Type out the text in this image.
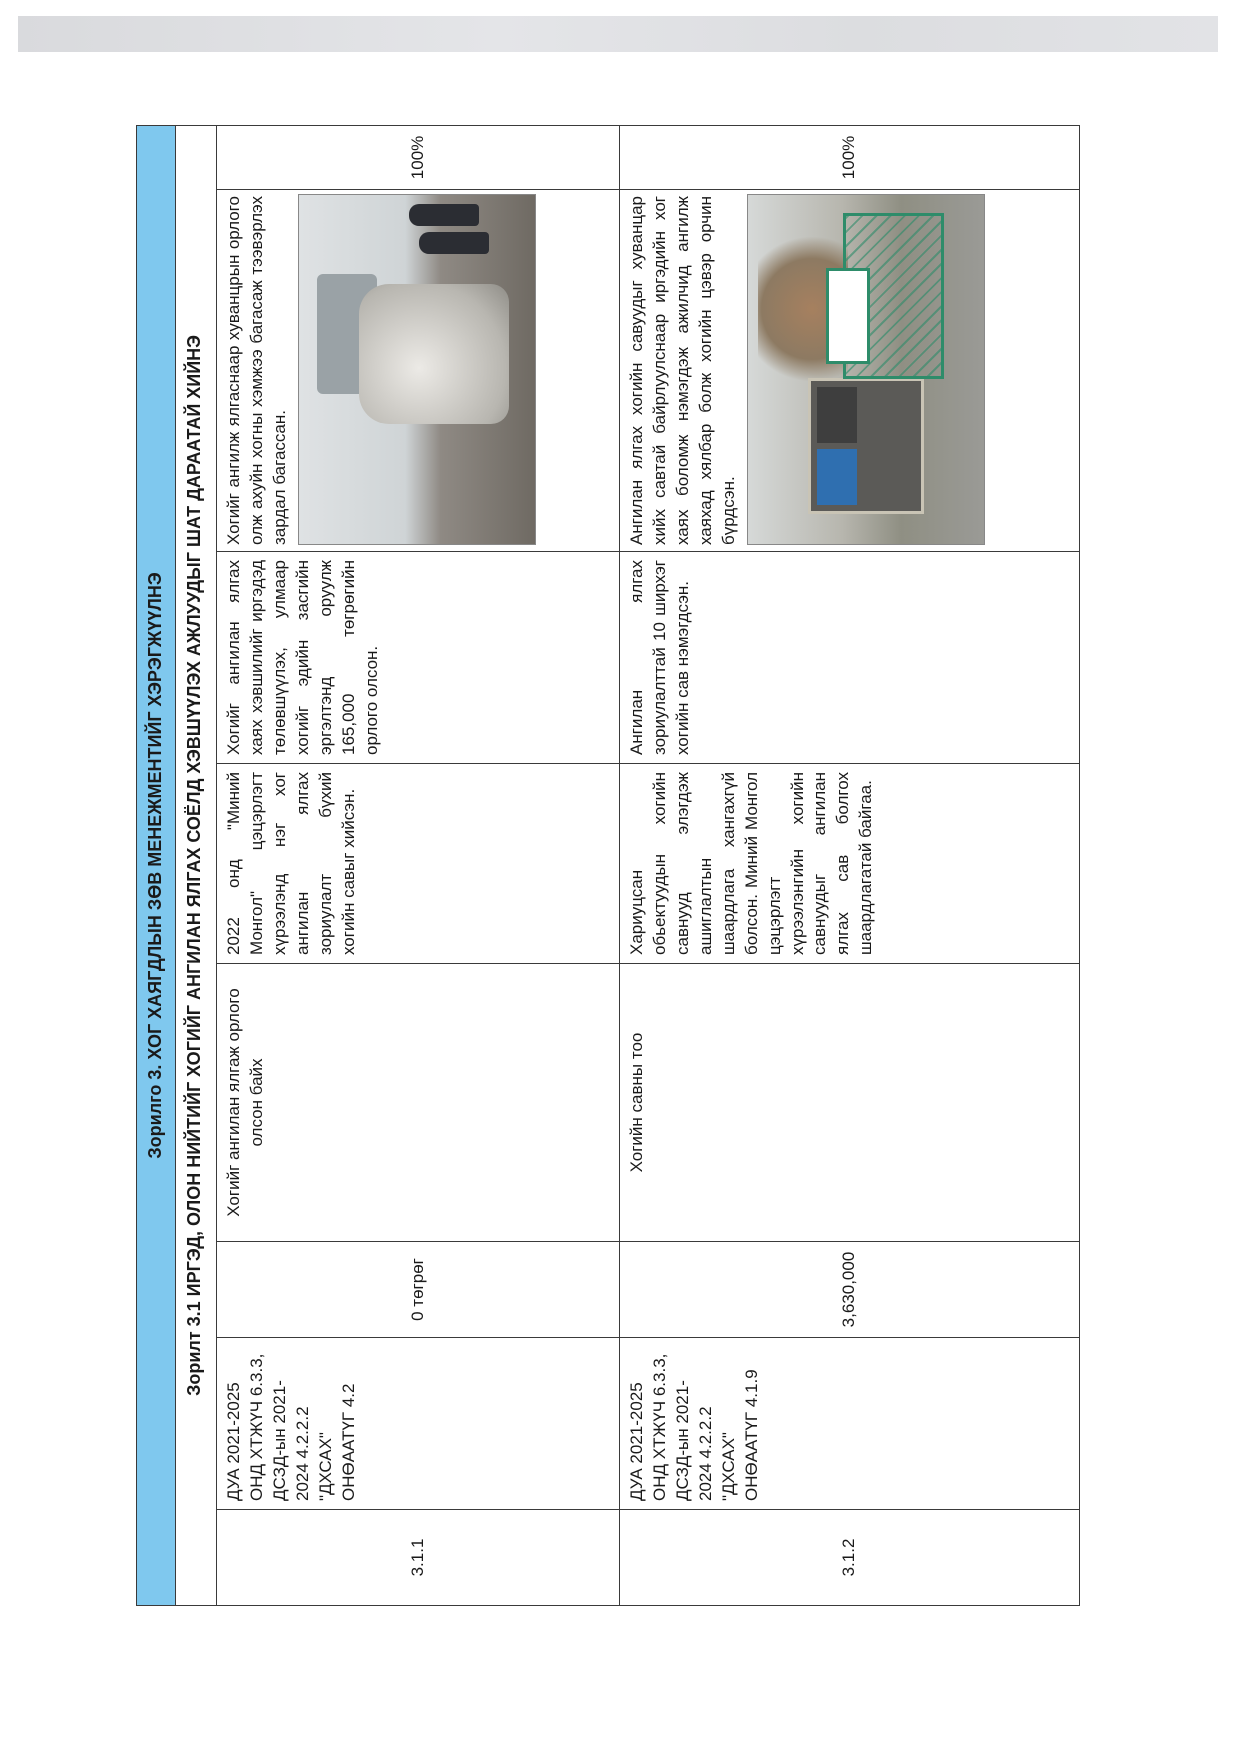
Зорилго 3. ХОГ ХАЯГДЛЫН ЗӨВ МЕНЕЖМЕНТИЙГ ХЭРЭГЖҮҮЛНЭ							
Зорилт 3.1 ИРГЭД, ОЛОН НИЙТИЙГ ХОГИЙГ АНГИЛАН ЯЛГАХ СОЁЛД ХЭВШҮҮЛЭХ АЖЛУУДЫГ ШАТ ДАРААТАЙ ХИЙНЭ							
3.1.1	ДУА 2021-2025 ОНД ХТЖҮЧ 6.3.3, ДСЗД-ын 2021-2024 4.2.2.2 "ДХСАХ" ОНӨААТҮГ 4.2	0 төгрөг	Хогийг ангилан ялгаж орлого олсон байх	2022 онд "Миний Монгол" цэцэрлэгт хүрээлэнд нэг хог ангилан ялгах зориулалт бүхий хогийн савыг хийсэн.	Хогийг ангилан ялгах хаях хэвшилийг иргэдэд төлөвшүүлэх, улмаар хогийг эдийн засгийн эргэлтэнд оруулж 165,000 төгрөгийн орлого олсон.	Хогийг ангилж ялгаснаар хуванцрын орлого олж ахуйн хогны хэмжээ багасаж тээвэрлэх зардал багассан.	100%
3.1.2	ДУА 2021-2025 ОНД ХТЖҮЧ 6.3.3, ДСЗД-ын 2021-2024 4.2.2.2 "ДХСАХ" ОНӨААТҮГ 4.1.9	3,630,000	Хогийн савны тоо	Хариуцсан обьектуудын хогийн савнууд элэгдэж ашиглалтын шаардлага хангахгүй болсон. Миний Монгол цэцэрлэгт хүрээлэнгийн хогийн савнуудыг ангилан ялгах сав болгох шаардлагатай байгаа.	Ангилан ялгах зориулалттай 10 ширхэг хогийн сав нэмэгдсэн.	Ангилан ялгах хогийн савуудыг хуванцар хийх савтай байрлуулснаар иргэдийн хог хаях боломж нэмэгдэж ажилчид ангилж хаяхад хялбар болж хогийн цэвэр орчин бүрдсэн.	100%
